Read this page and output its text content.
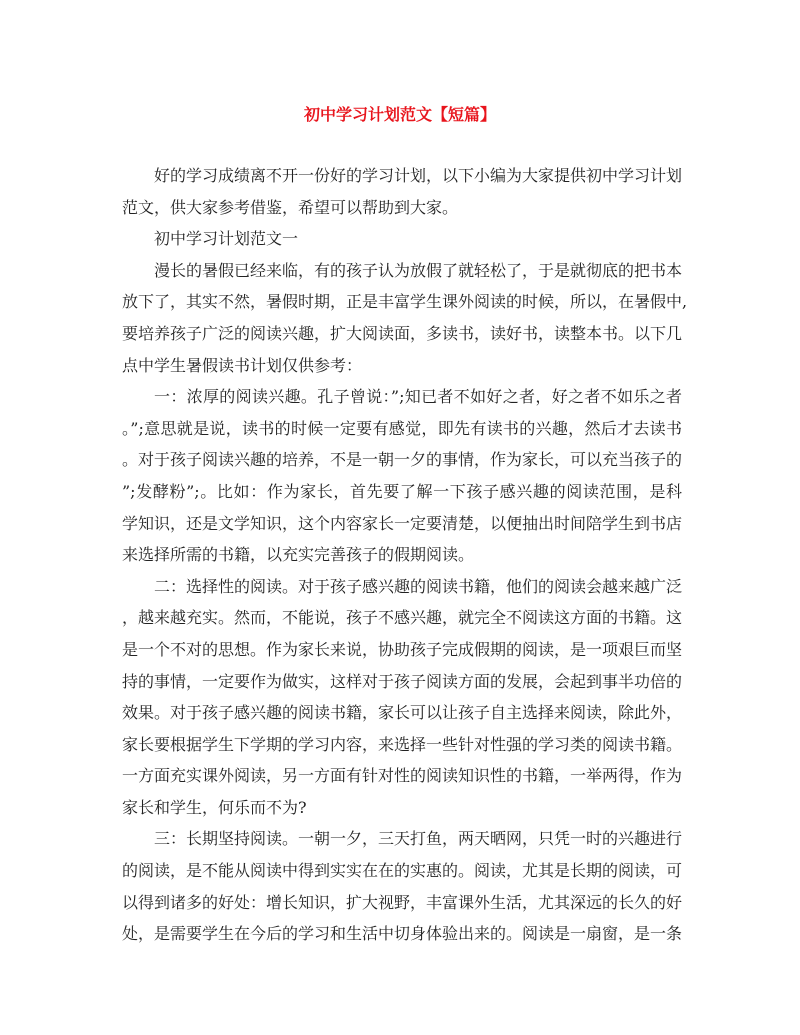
初中学习计划范文【短篇】

好的学习成绩离不开一份好的学习计划，以下小编为大家提供初中学习计划

范文，供大家参考借鉴，希望可以帮助到大家。

初中学习计划范文一

漫长的暑假已经来临，有的孩子认为放假了就轻松了，于是就彻底的把书本

放下了，其实不然，暑假时期，正是丰富学生课外阅读的时候，所以，在暑假中,

要培养孩子广泛的阅读兴趣，扩大阅读面，多读书，读好书，读整本书。以下几

点中学生暑假读书计划仅供参考：

一：浓厚的阅读兴趣。孔子曾说：”;知已者不如好之者，好之者不如乐之者

。”;意思就是说，读书的时候一定要有感觉，即先有读书的兴趣，然后才去读书

。对于孩子阅读兴趣的培养，不是一朝一夕的事情，作为家长，可以充当孩子的

”;发酵粉”;。比如：作为家长，首先要了解一下孩子感兴趣的阅读范围，是科

学知识，还是文学知识，这个内容家长一定要清楚，以便抽出时间陪学生到书店

来选择所需的书籍，以充实完善孩子的假期阅读。

二：选择性的阅读。对于孩子感兴趣的阅读书籍，他们的阅读会越来越广泛

，越来越充实。然而，不能说，孩子不感兴趣，就完全不阅读这方面的书籍。这

是一个不对的思想。作为家长来说，协助孩子完成假期的阅读，是一项艰巨而坚

持的事情，一定要作为做实，这样对于孩子阅读方面的发展，会起到事半功倍的

效果。对于孩子感兴趣的阅读书籍，家长可以让孩子自主选择来阅读，除此外，

家长要根据学生下学期的学习内容，来选择一些针对性强的学习类的阅读书籍。

一方面充实课外阅读，另一方面有针对性的阅读知识性的书籍，一举两得，作为

家长和学生，何乐而不为?

三：长期坚持阅读。一朝一夕，三天打鱼，两天晒网，只凭一时的兴趣进行

的阅读，是不能从阅读中得到实实在在的实惠的。阅读，尤其是长期的阅读，可

以得到诸多的好处：增长知识，扩大视野，丰富课外生活，尤其深远的长久的好

处，是需要学生在今后的学习和生活中切身体验出来的。阅读是一扇窗，是一条
